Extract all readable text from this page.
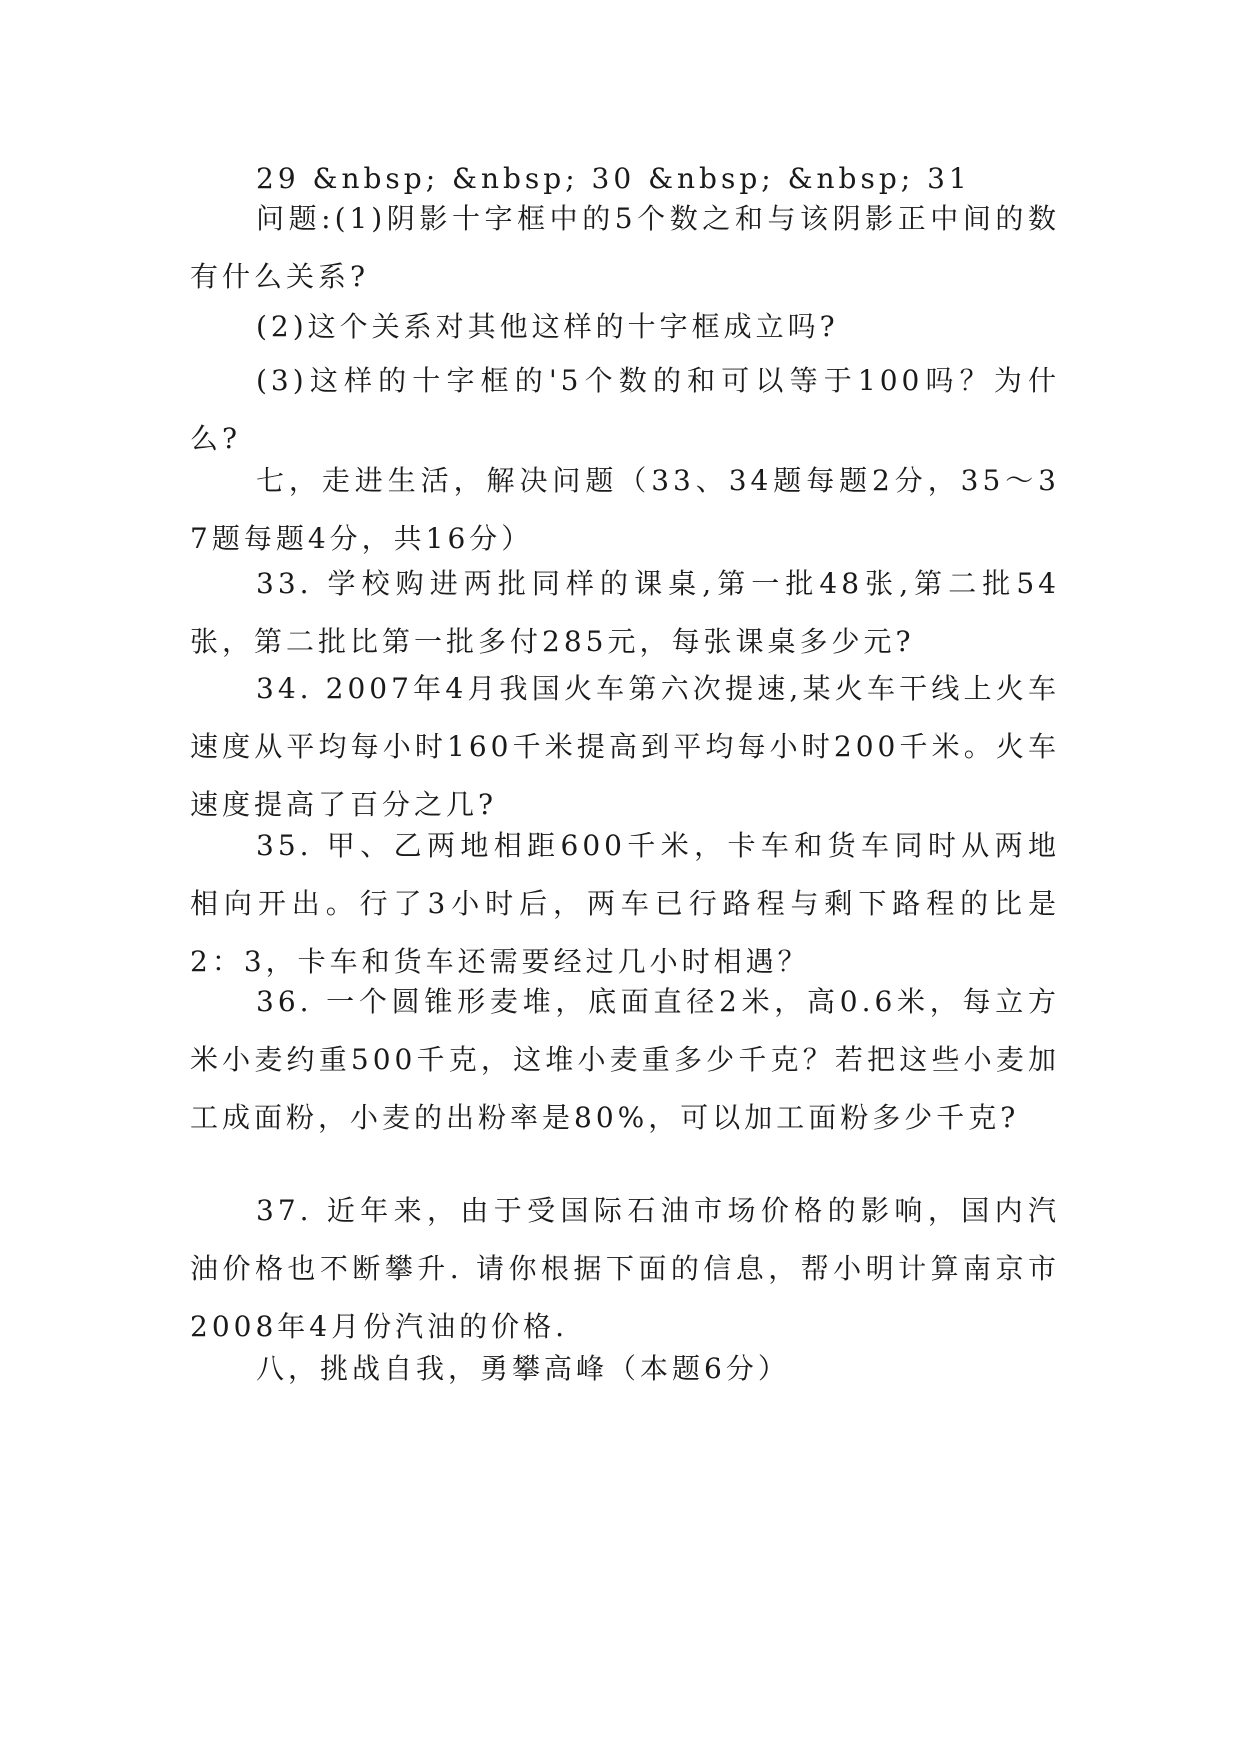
29 &nbsp; &nbsp; 30 &nbsp; &nbsp; 31

问题:(1)阴影十字框中的5个数之和与该阴影正中间的数有什么关系?

(2)这个关系对其他这样的十字框成立吗?

(3)这样的十字框的'5个数的和可以等于100吗？为什么?

七，走进生活，解决问题（33、34题每题2分，35～37题每题4分，共16分）

33. 学校购进两批同样的课桌,第一批48张,第二批54张，第二批比第一批多付285元，每张课桌多少元?

34. 2007年4月我国火车第六次提速,某火车干线上火车速度从平均每小时160千米提高到平均每小时200千米。火车速度提高了百分之几?

35. 甲、乙两地相距600千米，卡车和货车同时从两地相向开出。行了3小时后，两车已行路程与剩下路程的比是2：3，卡车和货车还需要经过几小时相遇？

36. 一个圆锥形麦堆，底面直径2米，高0.6米，每立方米小麦约重500千克，这堆小麦重多少千克？若把这些小麦加工成面粉，小麦的出粉率是80%，可以加工面粉多少千克?

37. 近年来，由于受国际石油市场价格的影响，国内汽油价格也不断攀升. 请你根据下面的信息，帮小明计算南京市2008年4月份汽油的价格.

八，挑战自我，勇攀高峰（本题6分）
